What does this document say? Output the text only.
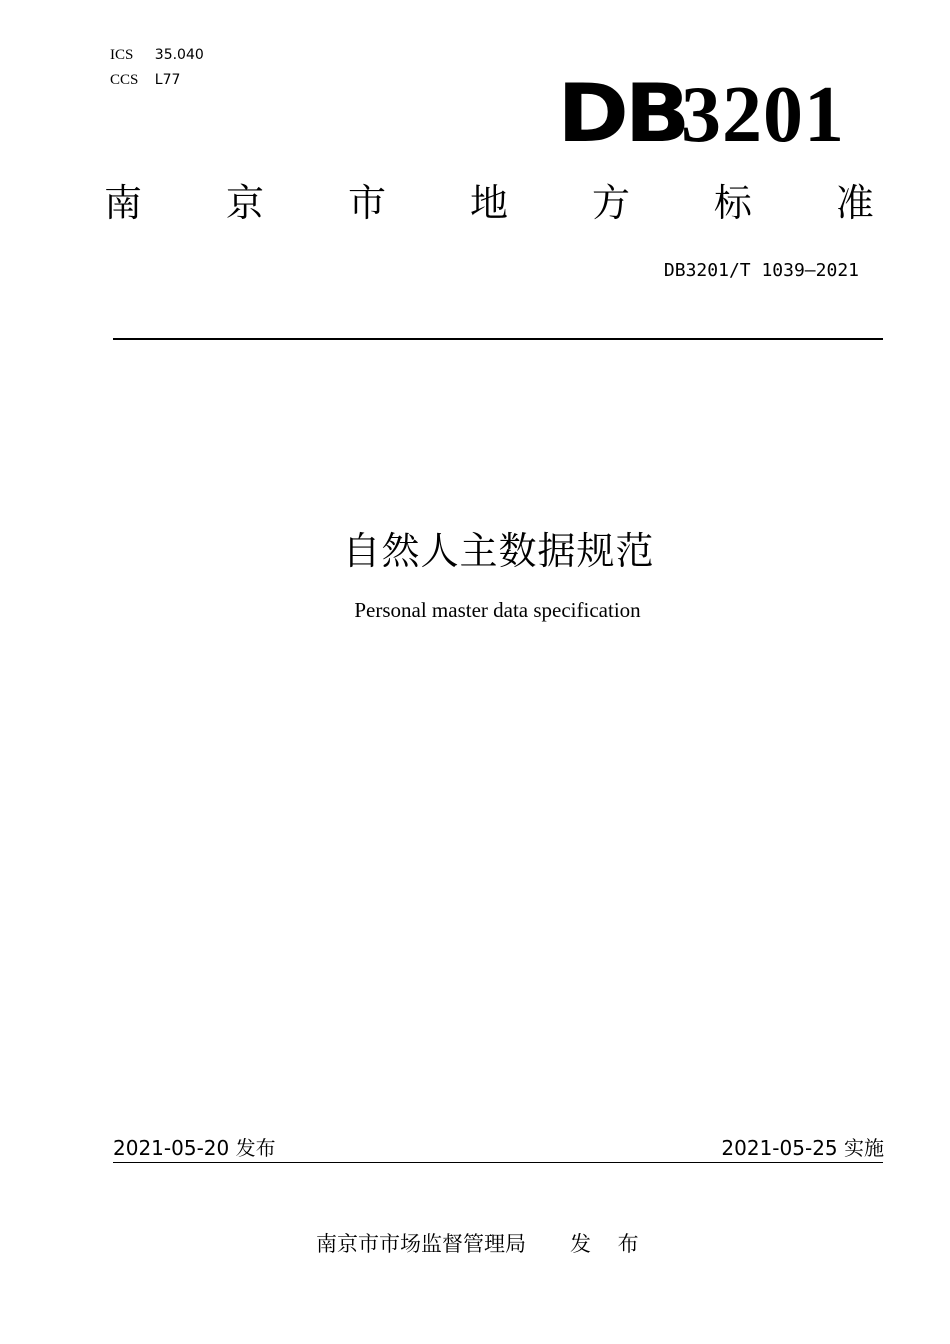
ICS 35.040
CCS L77	DB3201
南 京 市 地 方 标 准
DB3201/T 1039—2021
自然人主数据规范
Personal master data specification
2021-05-20 发布	2021-05-25 实施
南京市市场监督管理局 发 布
